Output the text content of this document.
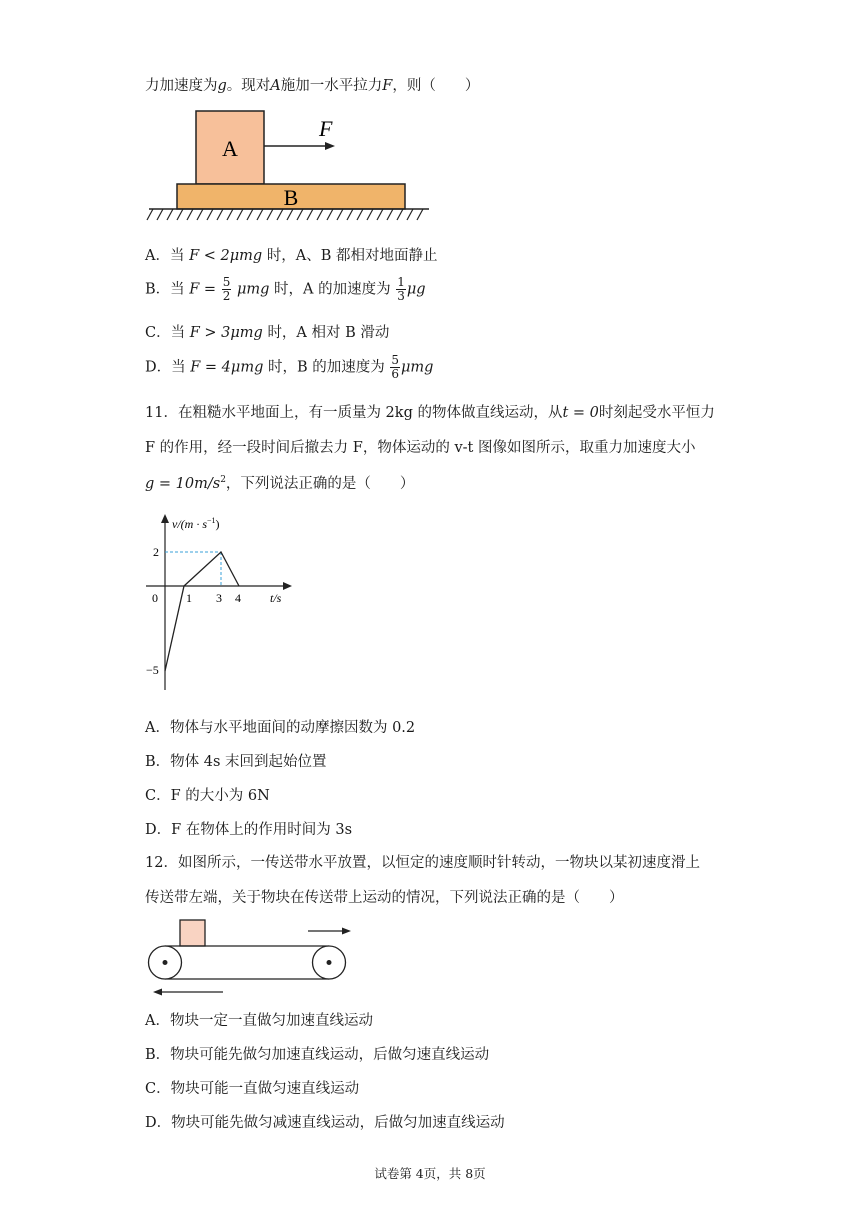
力加速度为g。现对A施加一水平拉力F，则（　　）
A
F
B
A．当 F < 2μmg 时，A、B 都相对地面静止
B．当 $F = \frac{5}{2}$ μmg 时，A 的加速度为 $\frac{1}{3}$ μg
C．当 F > 3μmg 时，A 相对 B 滑动
D．当 F = 4μmg 时，B 的加速度为 $\frac{5}{6}$ μmg
11．在粗糙水平地面上，有一质量为 2kg 的物体做直线运动，从t = 0时刻起受水平恒力
F 的作用，经一段时间后撤去力 F，物体运动的 v-t 图像如图所示，取重力加速度大小
$g = 10m/s^2$，下列说法正确的是（　　）
$v/(m \cdot s^{-1})$
t/s
0
2
−5
1 3 4
A．物体与水平地面间的动摩擦因数为 0.2
B．物体 4s 末回到起始位置
C．F 的大小为 6N
D．F 在物体上的作用时间为 3s
12．如图所示，一传送带水平放置，以恒定的速度顺时针转动，一物块以某初速度滑上
传送带左端，关于物块在传送带上运动的情况，下列说法正确的是（　　）
A．物块一定一直做匀加速直线运动
B．物块可能先做匀加速直线运动，后做匀速直线运动
C．物块可能一直做匀速直线运动
D．物块可能先做匀减速直线运动，后做匀加速直线运动
试卷第 4页，共 8页
